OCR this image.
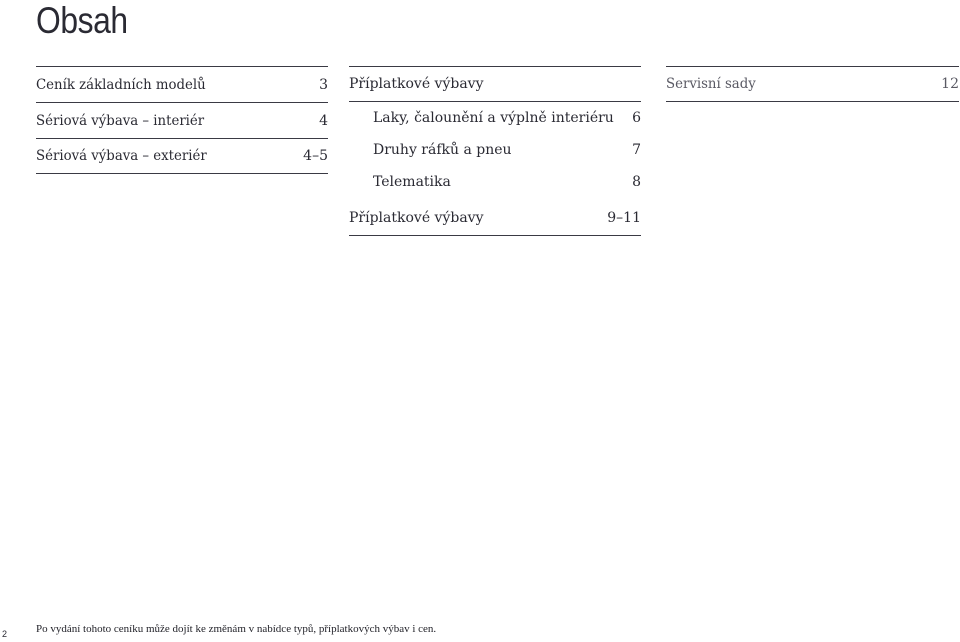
Obsah
Ceník základních modelů	3
Sériová výbava – interiér	4
Sériová výbava – exteriér	4–5
Příplatkové výbavy
Laky, čalounění a výplně interiéru 6
Druhy ráfků a pneu	7
Telematika	8
Příplatkové výbavy	9–11
Servisní sady	12
2	Po vydání tohoto ceníku může dojít ke změnám v nabídce typů, příplatkových výbav i cen.
